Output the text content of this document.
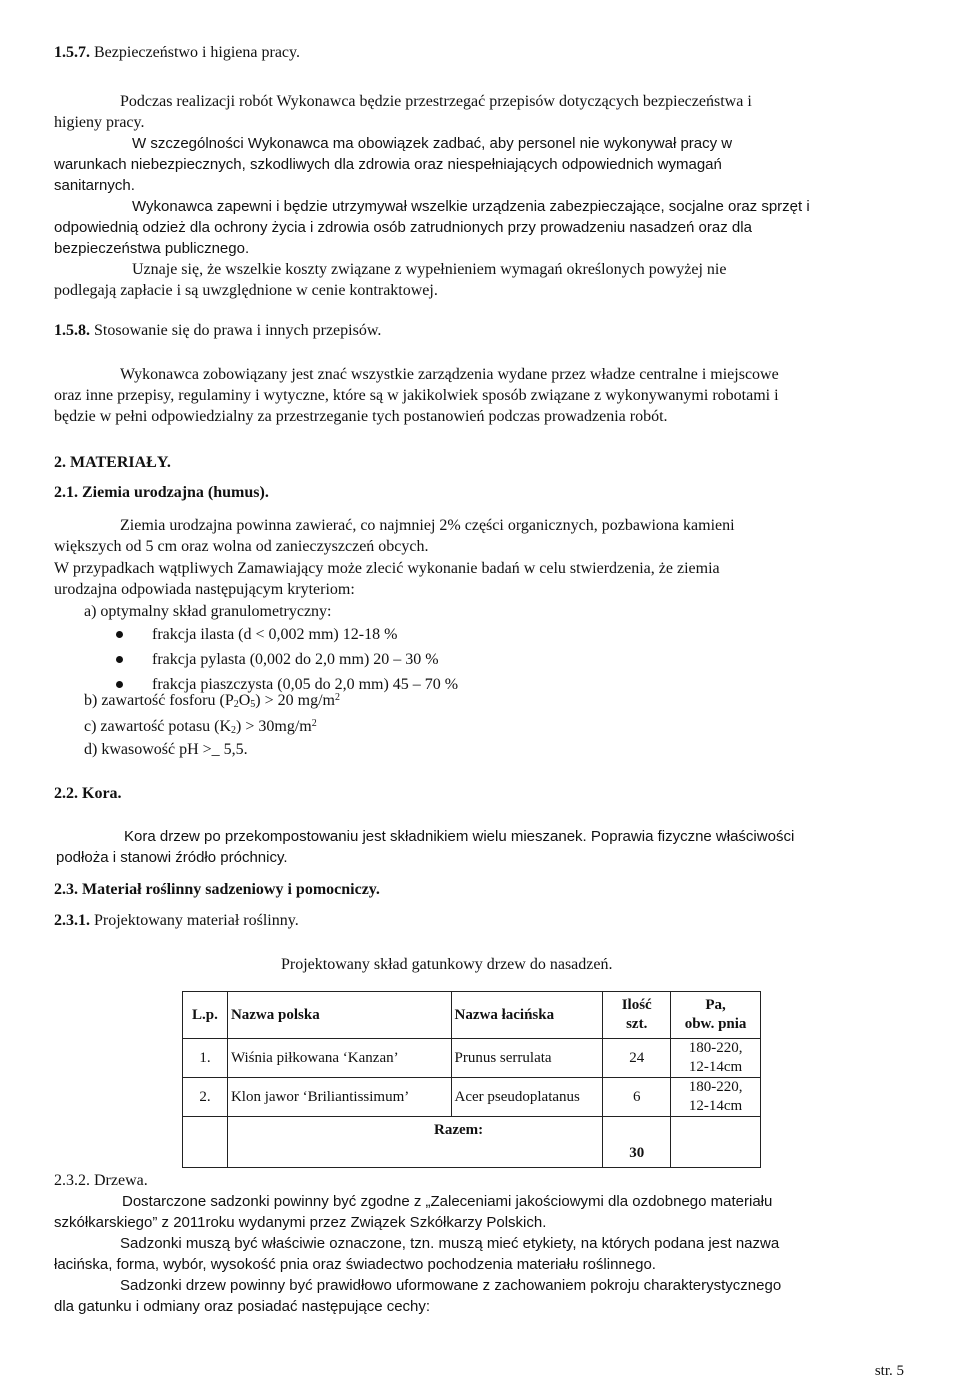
1.5.7. Bezpieczeństwo i higiena pracy.
Podczas realizacji robót Wykonawca będzie przestrzegać przepisów dotyczących bezpieczeństwa i
higieny pracy.
W szczególności Wykonawca ma obowiązek zadbać, aby personel nie wykonywał pracy w
warunkach niebezpiecznych, szkodliwych dla zdrowia oraz niespełniających odpowiednich wymagań
sanitarnych.
Wykonawca zapewni i będzie utrzymywał wszelkie urządzenia zabezpieczające, socjalne oraz sprzęt i
odpowiednią odzież dla ochrony życia i zdrowia osób zatrudnionych przy prowadzeniu nasadzeń oraz dla
bezpieczeństwa publicznego.
Uznaje się, że wszelkie koszty związane z wypełnieniem wymagań określonych powyżej nie
podlegają zapłacie i są uwzględnione w cenie kontraktowej.
1.5.8. Stosowanie się do prawa i innych przepisów.
Wykonawca zobowiązany jest znać wszystkie zarządzenia wydane przez władze centralne i miejscowe
oraz inne przepisy, regulaminy i wytyczne, które są w jakikolwiek sposób związane z wykonywanymi robotami i
będzie w pełni odpowiedzialny za przestrzeganie tych postanowień podczas prowadzenia robót.
2. MATERIAŁY.
2.1. Ziemia urodzajna (humus).
Ziemia urodzajna powinna zawierać, co najmniej 2% części organicznych, pozbawiona kamieni
większych od 5 cm oraz wolna od zanieczyszczeń obcych.
W przypadkach wątpliwych Zamawiający może zlecić wykonanie badań w celu stwierdzenia, że ziemia
urodzajna odpowiada następującym kryteriom:
a) optymalny skład granulometryczny:
frakcja ilasta (d < 0,002 mm) 12-18 %
frakcja pylasta (0,002 do 2,0 mm) 20 – 30 %
frakcja piaszczysta (0,05 do 2,0 mm) 45 – 70 %
b) zawartość fosforu $(P_2O_5) > 20$ $mg/m^2$
c) zawartość potasu $(K_2) > 30mg/m^2$
d) kwasowość pH >_ 5,5.
2.2. Kora.
Kora drzew po przekompostowaniu jest składnikiem wielu mieszanek. Poprawia fizyczne właściwości
podłoża i stanowi źródło próchnicy.
2.3. Materiał roślinny sadzeniowy i pomocniczy.
2.3.1. Projektowany materiał roślinny.
Projektowany skład gatunkowy drzew do nasadzeń.
L.p.	Nazwa polska	Nazwa łacińska	Ilość
szt.	Pa,
obw. pnia
1.	Wiśnia piłkowana ‘Kanzan’	Prunus serrulata	24	180-220,
12-14cm
2.	Klon jawor ‘Briliantissimum’	Acer pseudoplatanus	6	180-220,
12-14cm
	Razem:		30	
2.3.2. Drzewa.
Dostarczone sadzonki powinny być zgodne z „Zaleceniami jakościowymi dla ozdobnego materiału
szkółkarskiego” z 2011roku wydanymi przez Związek Szkółkarzy Polskich.
Sadzonki muszą być właściwie oznaczone, tzn. muszą mieć etykiety, na których podana jest nazwa
łacińska, forma, wybór, wysokość pnia oraz świadectwo pochodzenia materiału roślinnego.
Sadzonki drzew powinny być prawidłowo uformowane z zachowaniem pokroju charakterystycznego
dla gatunku i odmiany oraz posiadać następujące cechy:
str. 5
